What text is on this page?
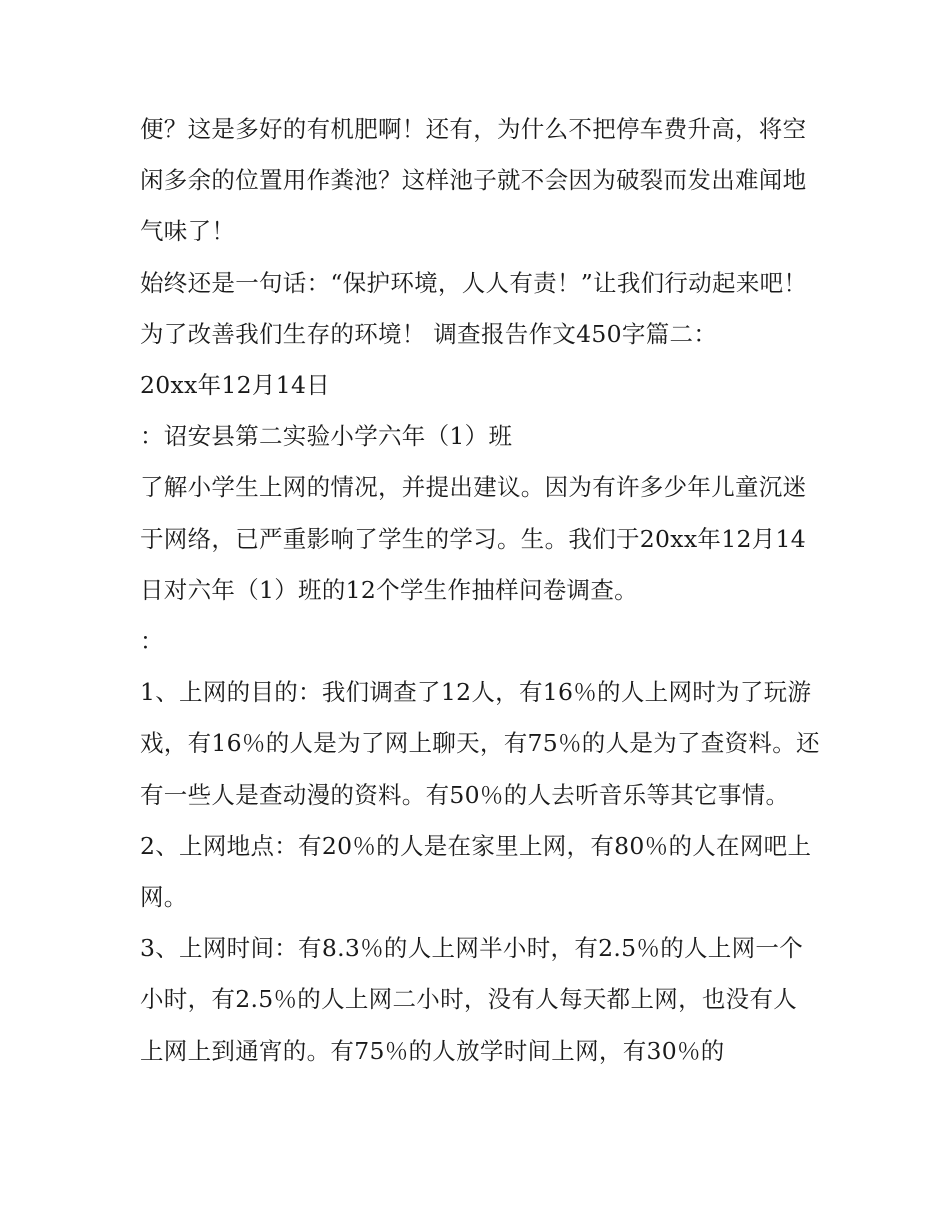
便？这是多好的有机肥啊！还有，为什么不把停车费升高，将空闲多余的位置用作粪池？这样池子就不会因为破裂而发出难闻地气味了！

始终还是一句话：“保护环境，人人有责！”让我们行动起来吧！为了改善我们生存的环境！ 调查报告作文450字篇二：

20xx年12月14日

：诏安县第二实验小学六年（1）班

了解小学生上网的情况，并提出建议。因为有许多少年儿童沉迷于网络，已严重影响了学生的学习。生。我们于20xx年12月14日对六年（1）班的12个学生作抽样问卷调查。

：

1、上网的目的：我们调查了12人，有16％的人上网时为了玩游戏，有16％的人是为了网上聊天，有75％的人是为了查资料。还有一些人是查动漫的资料。有50％的人去听音乐等其它事情。

2、上网地点：有20％的人是在家里上网，有80％的人在网吧上网。

3、上网时间：有8.3％的人上网半小时，有2.5％的人上网一个小时，有2.5％的人上网二小时，没有人每天都上网，也没有人上网上到通宵的。有75％的人放学时间上网，有30％的
